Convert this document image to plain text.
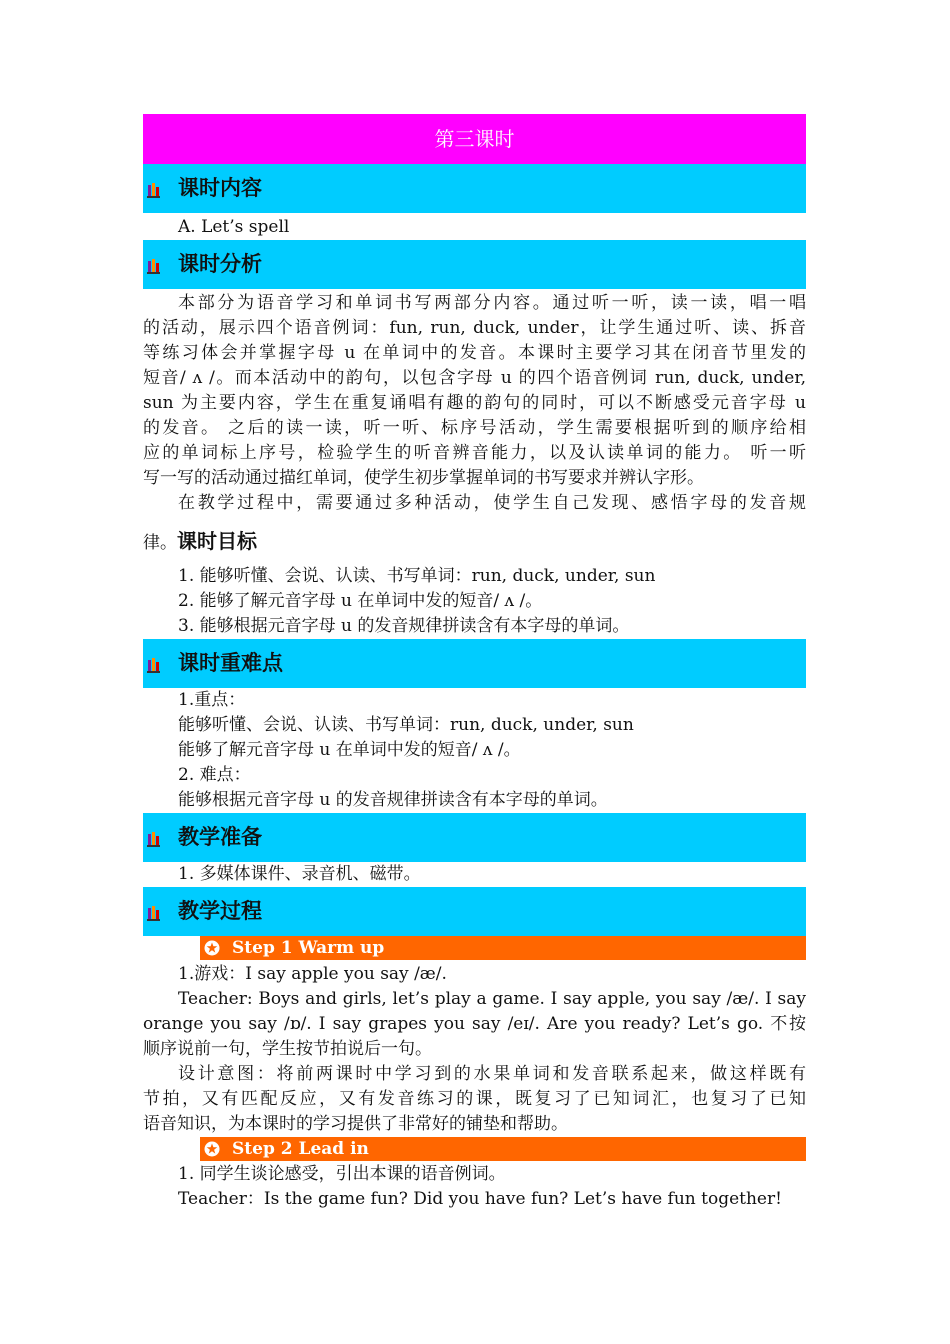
第三课时
课时内容
A. Let’s spell
课时分析
本部分为语音学习和单词书写两部分内容。通过听一听，读一读，唱一唱
的活动，展示四个语音例词：fun, run, duck, under，让学生通过听、读、拆音
等练习体会并掌握字母 u 在单词中的发音。本课时主要学习其在闭音节里发的
短音/ ʌ /。而本活动中的韵句，以包含字母 u 的四个语音例词 run, duck, under,
sun 为主要内容，学生在重复诵唱有趣的韵句的同时，可以不断感受元音字母 u
的发音。 之后的读一读，听一听、标序号活动，学生需要根据听到的顺序给相
应的单词标上序号，检验学生的听音辨音能力，以及认读单词的能力。 听一听
写一写的活动通过描红单词，使学生初步掌握单词的书写要求并辨认字形。
在教学过程中，需要通过多种活动，使学生自己发现、感悟字母的发音规
律。课时目标
1. 能够听懂、会说、认读、书写单词：run, duck, under, sun
2. 能够了解元音字母 u 在单词中发的短音/ ʌ /。
3. 能够根据元音字母 u 的发音规律拼读含有本字母的单词。
课时重难点
1.重点：
能够听懂、会说、认读、书写单词：run, duck, under, sun
能够了解元音字母 u 在单词中发的短音/ ʌ /。
2. 难点：
能够根据元音字母 u 的发音规律拼读含有本字母的单词。
教学准备
1. 多媒体课件、录音机、磁带。
教学过程
Step 1 Warm up
1.游戏：I say apple you say /æ/.
Teacher: Boys and girls, let’s play a game. I say apple, you say /æ/. I say
orange you say /ɒ/. I say grapes you say /eɪ/. Are you ready? Let’s go. 不按
顺序说前一句，学生按节拍说后一句。
设计意图：将前两课时中学习到的水果单词和发音联系起来，做这样既有
节拍，又有匹配反应，又有发音练习的课，既复习了已知词汇，也复习了已知
语音知识，为本课时的学习提供了非常好的铺垫和帮助。
Step 2 Lead in
1. 同学生谈论感受，引出本课的语音例词。
Teacher：Is the game fun? Did you have fun? Let’s have fun together!
